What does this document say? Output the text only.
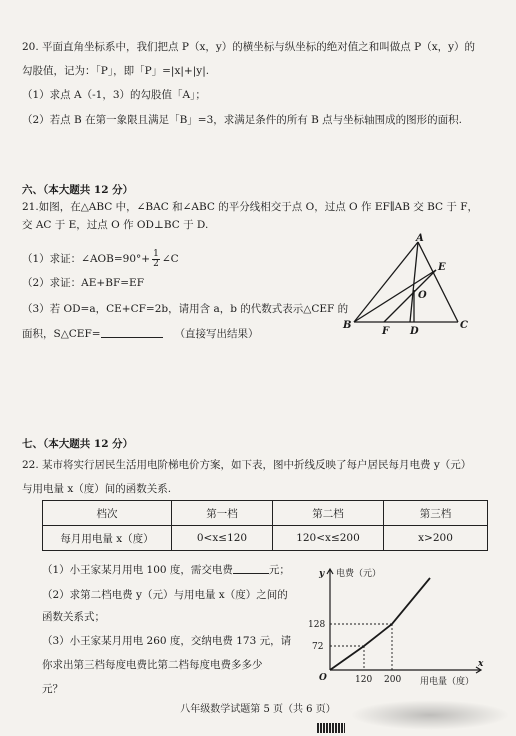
20. 平面直角坐标系中，我们把点 P（x，y）的横坐标与纵坐标的绝对值之和叫做点 P（x，y）的
勾股值，记为：「P」，即「P」=|x|+|y|.
（1）求点 A（-1，3）的勾股值「A」；
（2）若点 B 在第一象限且满足「B」=3，求满足条件的所有 B 点与坐标轴围成的图形的面积.
六、（本大题共 12 分）
21.如图，在△ABC 中，∠BAC 和∠ABC 的平分线相交于点 O，过点 O 作 EF∥AB 交 BC 于 F，
交 AC 于 E，过点 O 作 OD⊥BC 于 D.
（1）求证：∠AOB=90°+ $\frac{1}{2}$ ∠C
（2）求证：AE+BF=EF
（3）若 OD=a，CE+CF=2b，请用含 a，b 的代数式表示△CEF 的
面积，S△CEF=	（直接写出结果）
A
B	C
D
E
F
O
七、（本大题共 12 分）
22. 某市将实行居民生活用电阶梯电价方案，如下表，图中折线反映了每户居民每月电费 y（元）
与用电量 x（度）间的函数关系.
档次	第一档	第二档	第三档
每月用电量 x（度）	0<x≤120	120<x≤200	x>200
（1）小王家某月用电 100 度，需交电费	元；
（2）求第二档电费 y（元）与用电量 x（度）之间的
函数关系式；
（3）小王家某月用电 260 度，交纳电费 173 元，请
你求出第三档每度电费比第二档每度电费多多少
元？
y 电费（元）
x
用电量（度）
O	120 200
72
128
八年级数学试题第 5 页（共 6 页）
